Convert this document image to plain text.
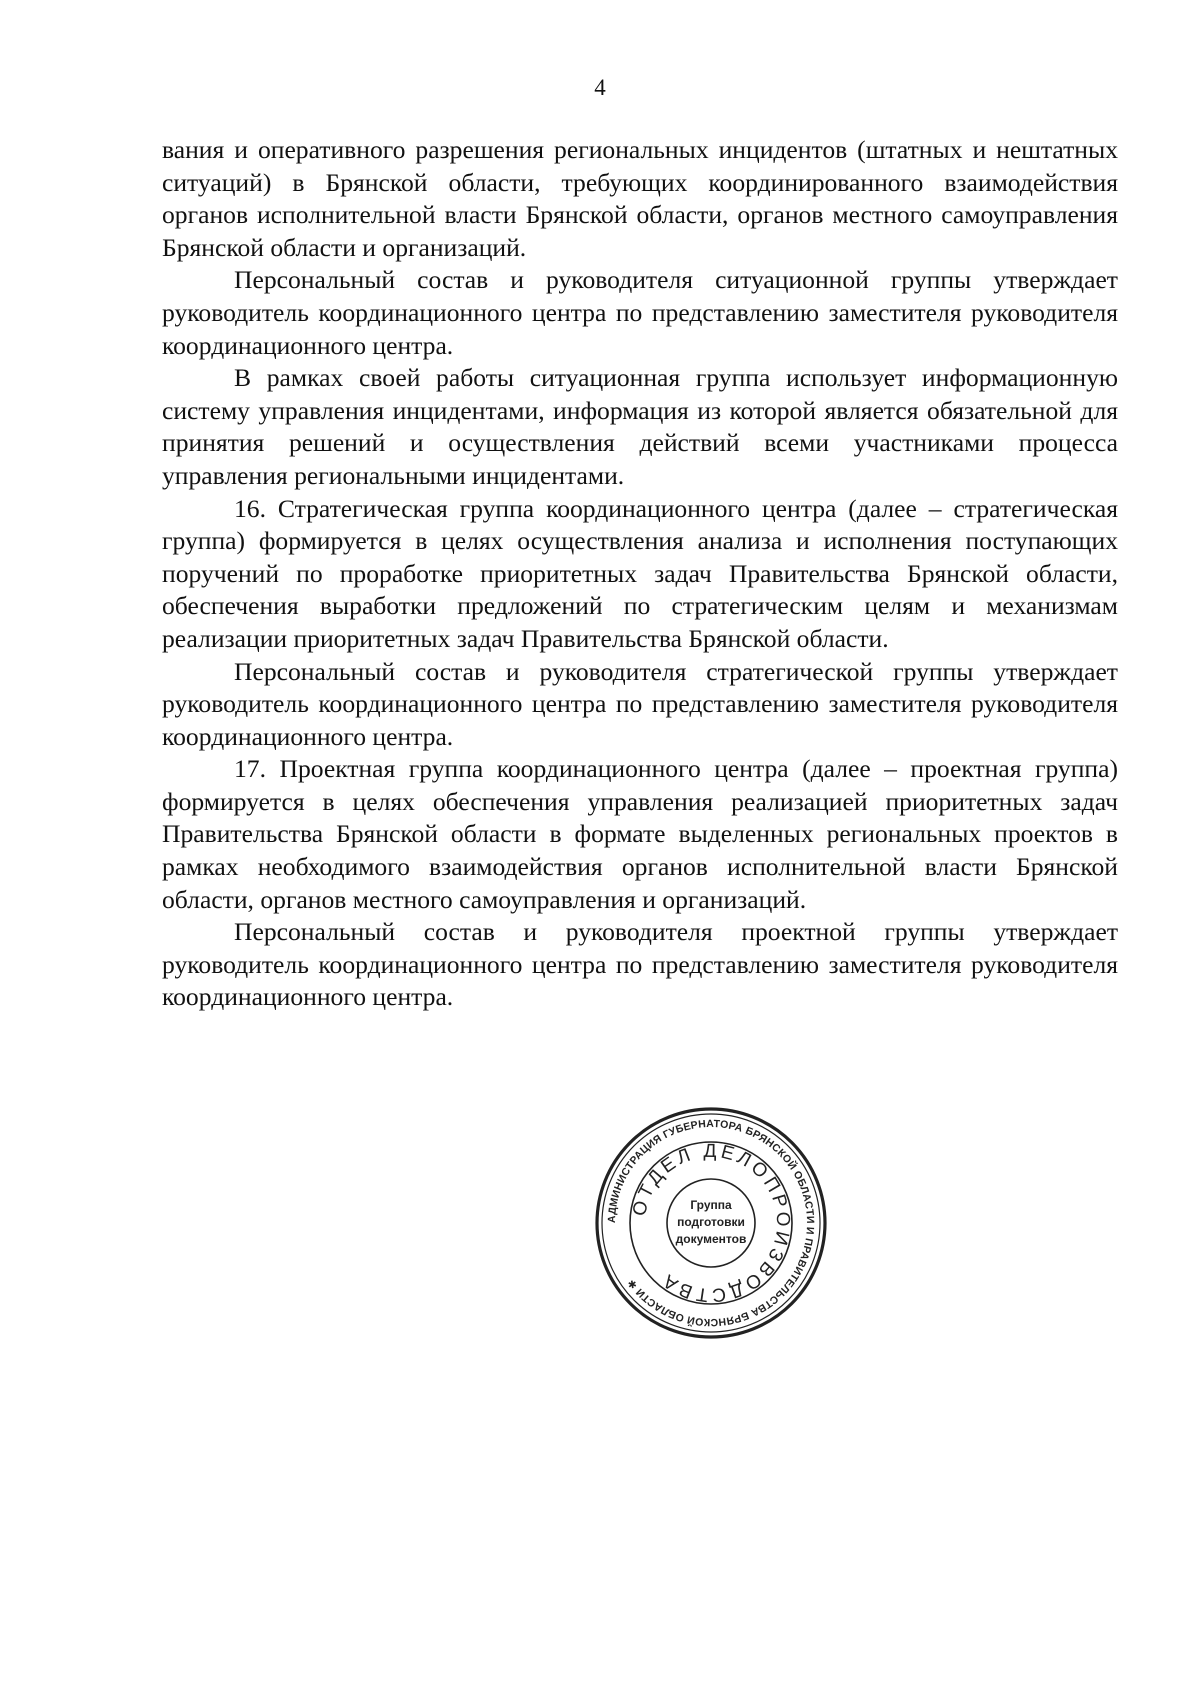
4

вания и оперативного разрешения региональных инцидентов (штатных и нештатных ситуаций) в Брянской области, требующих координированного взаимодействия органов исполнительной власти Брянской области, органов местного самоуправления Брянской области и организаций.

Персональный состав и руководителя ситуационной группы утверждает руководитель координационного центра по представлению заместителя руководителя координационного центра.

В рамках своей работы ситуационная группа использует информационную систему управления инцидентами, информация из которой является обязательной для принятия решений и осуществления действий всеми участниками процесса управления региональными инцидентами.

16. Стратегическая группа координационного центра (далее – стратегическая группа) формируется в целях осуществления анализа и исполнения поступающих поручений по проработке приоритетных задач Правительства Брянской области, обеспечения выработки предложений по стратегическим целям и механизмам реализации приоритетных задач Правительства Брянской области.

Персональный состав и руководителя стратегической группы утверждает руководитель координационного центра по представлению заместителя руководителя координационного центра.

17. Проектная группа координационного центра (далее – проектная группа) формируется в целях обеспечения управления реализацией приоритетных задач Правительства Брянской области в формате выделенных региональных проектов в рамках необходимого взаимодействия органов исполнительной власти Брянской области, органов местного самоуправления и организаций.

Персональный состав и руководителя проектной группы утверждает руководитель координационного центра по представлению заместителя руководителя координационного центра.

АДМИНИСТРАЦИЯ ГУБЕРНАТОРА БРЯНСКОЙ ОБЛАСТИ И ПРАВИТЕЛЬСТВА БРЯНСКОЙ ОБЛАСТИ ✱
ОТДЕЛ ДЕЛОПРОИЗВОДСТВА
Группа
подготовки
документов
